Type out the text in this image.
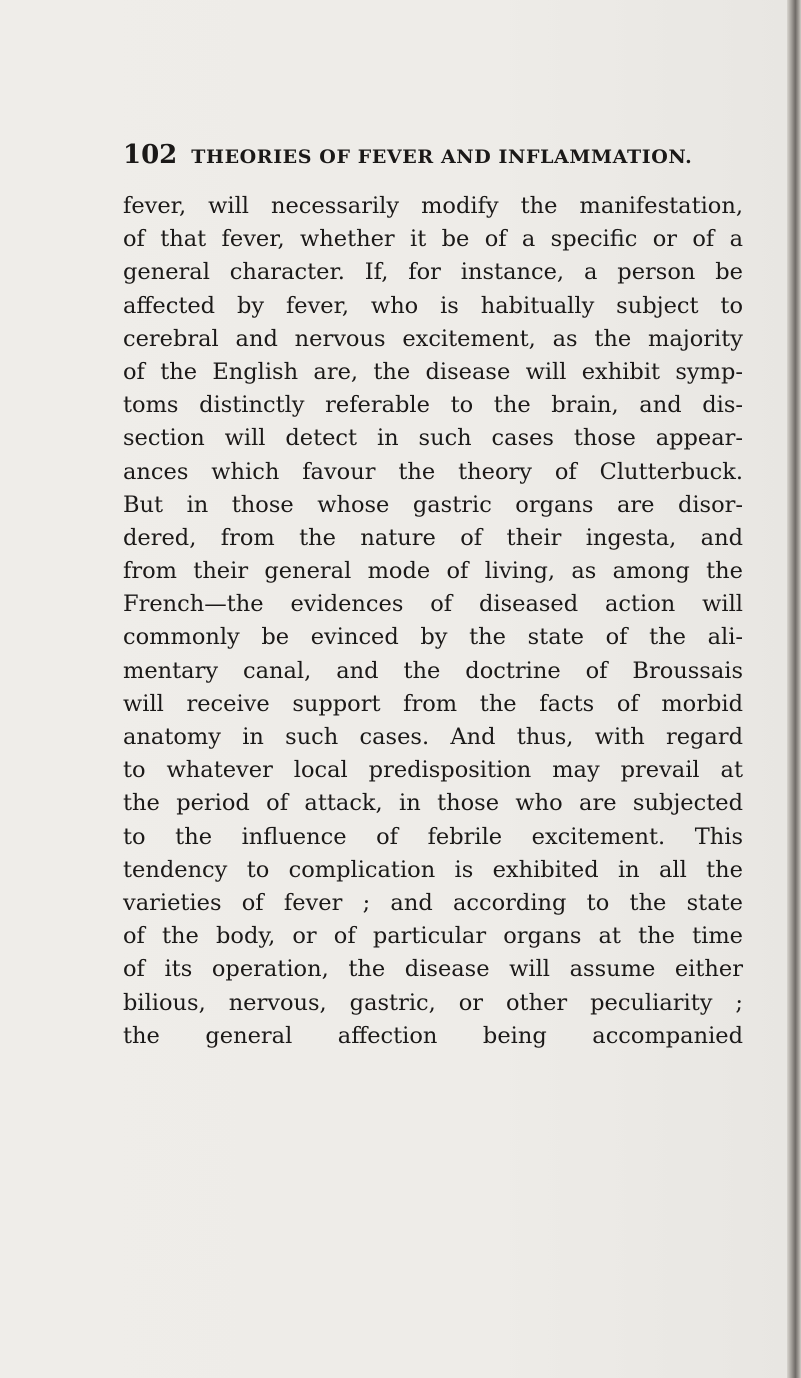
102 THEORIES OF FEVER AND INFLAMMATION.
fever, will necessarily modify the manifestation,
of that fever, whether it be of a specific or of a
general character. If, for instance, a person be
affected by fever, who is habitually subject to
cerebral and nervous excitement, as the majority
of the English are, the disease will exhibit symp-
toms distinctly referable to the brain, and dis-
section will detect in such cases those appear-
ances which favour the theory of Clutterbuck.
But in those whose gastric organs are disor-
dered, from the nature of their ingesta, and
from their general mode of living, as among the
French—the evidences of diseased action will
commonly be evinced by the state of the ali-
mentary canal, and the doctrine of Broussais
will receive support from the facts of morbid
anatomy in such cases. And thus, with regard
to whatever local predisposition may prevail at
the period of attack, in those who are subjected
to the influence of febrile excitement. This
tendency to complication is exhibited in all the
varieties of fever ; and according to the state
of the body, or of particular organs at the time
of its operation, the disease will assume either
bilious, nervous, gastric, or other peculiarity ;
the general affection being accompanied
